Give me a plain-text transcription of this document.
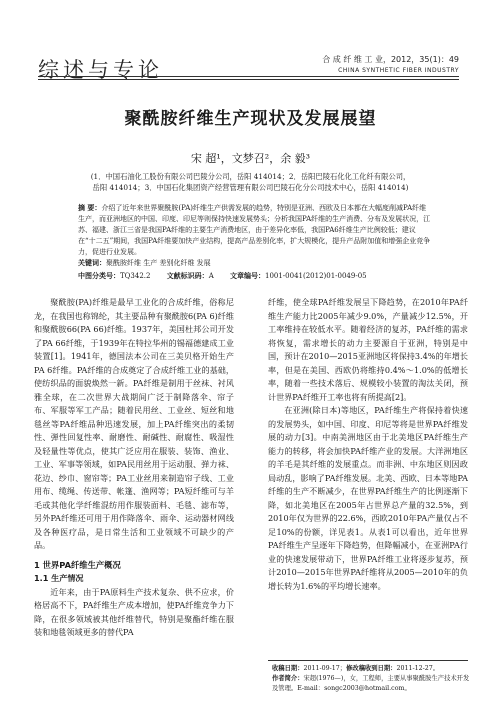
综述与专论	合 成 纤 维 工 业，2012，35(1)：49
CHINA SYNTHETIC FIBER INDUSTRY
聚酰胺纤维生产现状及发展展望
宋 超¹，文梦召²，余 毅³
(1．中国石油化工股份有限公司巴陵分公司，岳阳 414014；2．岳阳巴陵石化化工化纤有限公司，
岳阳 414014；3．中国石化集团资产经营管理有限公司巴陵石化分公司技术中心，岳阳 414014)
摘 要：介绍了近年来世界聚酰胺(PA)纤维生产供需发展的趋势，特别是亚洲、西欧及日本都在大幅度削减PA纤维生产，而亚洲地区的中国、印度、印尼等则保持快速发展势头；分析我国PA纤维的生产消费、分布及发展状况，江苏、福建、浙江三省是我国PA纤维的主要生产消费地区，由于差异化率低，我国PA6纤维生产比例较低；建议在“十二五”期间，我国PA纤维要加快产业结构，提高产品差别化率，扩大规模化，提升产品附加值和增强企业竞争力，促进行业发展。
关键词：聚酰胺纤维 生产 差别化纤维 发展
中图分类号：TQ342.2 文献标识码：A 文章编号：1001-0041(2012)01-0049-05

聚酰胺(PA)纤维是最早工业化的合成纤维，俗称尼龙，在我国也称锦纶，其主要品种有聚酰胺6(PA 6)纤维和聚酰胺66(PA 66)纤维。1937年，美国杜邦公司开发了PA 66纤维，于1939年在特拉华州的锡福德建成工业装置[1]。1941年，德国法本公司在三美贝格开始生产PA 6纤维。PA纤维的合成奠定了合成纤维工业的基础，使纺织品的面貌焕然一新。PA纤维是制用于丝袜、衬风雅全球，在二次世界大战期间广泛于制降落伞、帘子布、军服等军工产品；随着民用丝、工业丝、短丝和地毯丝等PA纤维品种迅速发展，加上PA纤维突出的柔韧性、弹性回复性率、耐磨性、耐碱性、耐腐性、吸湿性及轻量性等优点，使其广泛应用在服装、装饰、渔业、工业、军事等领域，如PA民用丝用于运动服、弹力袜、花边、纱巾、窗帘等；PA工业丝用来制造帘子线、工业用布、缆绳、传送带、帐篷、渔网等；PA短纤维可与羊毛或其他化学纤维混纺用作服装面料、毛毯、滤布等，另外PA纤维还可用于用作降落伞、雨伞、运动器材网线及各种医疗品，是日常生活和工业领域不可缺少的产品。

1 世界PA纤维生产概况

1.1 生产情况

近年来，由于PA原料生产技术复杂、供不应求，价格居高不下，PA纤维生产成本增加，使PA纤维竞争力下降，在很多领域被其他纤维替代，特别是聚酯纤维在服装和地毯领域更多的替代PA

纤维，使全球PA纤维发展呈下降趋势，在2010年PA纤维生产能力比2005年减少9.0%，产量减少12.5%，开工率维持在较低水平。随着经济的复苏，PA纤维的需求将恢复，需求增长的动力主要源自于亚洲，特别是中国，预计在2010—2015亚洲地区将保持3.4%的年增长率，但是在美国、西欧仍将维持0.4%～1.0%的低增长率，随着一些技术落后、规模较小装置的淘汰关闭，预计世界PA纤维开工率也将有所提高[2]。

在亚洲(除日本)等地区，PA纤维生产将保持着快速的发展势头，如中国、印度、印尼等将是世界PA纤维发展的动力[3]。中南美洲地区由于北美地区PA纤维生产能力的转移，将会加快PA纤维产业的发展。大洋洲地区的羊毛是其纤维的发展重点。而非洲、中东地区则因政局动乱，影响了PA纤维发展。北美、西欧、日本等地PA纤维的生产不断减少，在世界PA纤维生产的比例逐渐下降，如北美地区在2005年占世界总产量的32.5%，到2010年仅为世界的22.6%，西欧2010年PA产量仅占不足10%的份额，详见表1。从表1可以看出，近年世界PA纤维生产呈逐年下降趋势，但降幅减小，在亚洲PA行业的快速发展带动下，世界PA纤维工业将逐步复苏，预计2010—2015年世界PA纤维将从2005—2010年的负增长转为1.6%的平均增长速率。

收稿日期：2011-09-17；修改稿收到日期：2011-12-27。
作者简介：宋超(1976—)，女，工程师，主要从事聚酰胺生产技术开发及管理。E-mail：songc2003@hotmail.com。
